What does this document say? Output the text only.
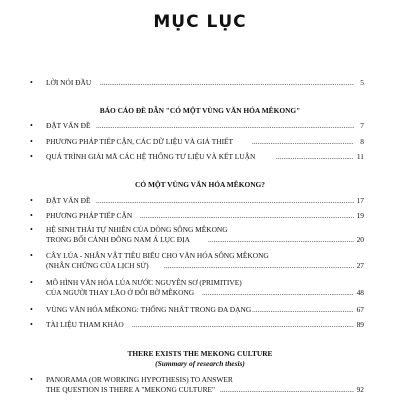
MỤC LỤC
• LỜI NÓI ĐẦU .....	5
BÁO CÁO ĐỀ DẪN "CÓ MỘT VÙNG VĂN HÓA MÊKONG"
• ĐẶT VẤN ĐỀ .....	7
• PHƯƠNG PHÁP TIẾP CẬN, CÁC DỮ LIỆU VÀ GIẢ THIẾT .....	8
• QUÁ TRÌNH GIẢI MÃ CÁC HỆ THỐNG TƯ LIỆU VÀ KẾT LUẬN .....	11
CÓ MỘT VÙNG VĂN HÓA MÊKONG?
• ĐẶT VẤN ĐỀ .....	17
• PHƯƠNG PHÁP TIẾP CẬN .....	19
• HỆ SINH THÁI TỰ NHIÊN CỦA DÒNG SÔNG MÊKONG
TRONG BỐI CẢNH ĐÔNG NAM Á LỤC ĐỊA .....	20
• CÂY LÚA - NHÂN VẬT TIÊU BIỂU CHO VĂN HÓA SÔNG MÊKONG
(NHÂN CHỨNG CỦA LỊCH SỬ) .....	27
• MÔ HÌNH VĂN HÓA LÚA NƯỚC NGUYÊN SƠ (PRIMITIVE)
CỦA NGƯỜI THAY LÃO Ở ĐÔI BỜ MÊKONG .....	48
• VÙNG VĂN HÓA MÊKONG: THỐNG NHẤT TRONG ĐA DẠNG .....	67
• TÀI LIỆU THAM KHẢO .....	89
THERE EXISTS THE MEKONG CULTURE
(Summary of research thesis)
• PANORAMA (OR WORKING HYPOTHESIS) TO ANSWER
THE QUESTION IS THERE A "MEKONG CULTURE" .....	92
